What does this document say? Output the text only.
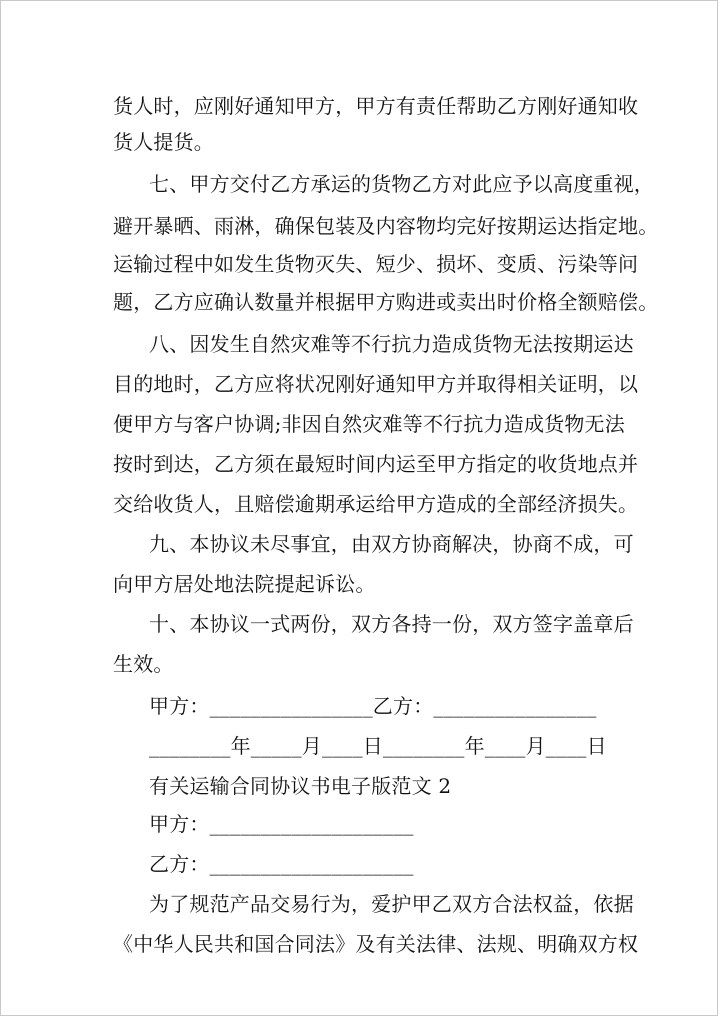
货人时，应刚好通知甲方，甲方有责任帮助乙方刚好通知收
货人提货。
七、甲方交付乙方承运的货物乙方对此应予以高度重视，
避开暴晒、雨淋，确保包装及内容物均完好按期运达指定地。
运输过程中如发生货物灭失、短少、损坏、变质、污染等问
题，乙方应确认数量并根据甲方购进或卖出时价格全额赔偿。
八、因发生自然灾难等不行抗力造成货物无法按期运达
目的地时，乙方应将状况刚好通知甲方并取得相关证明，以
便甲方与客户协调;非因自然灾难等不行抗力造成货物无法
按时到达，乙方须在最短时间内运至甲方指定的收货地点并
交给收货人，且赔偿逾期承运给甲方造成的全部经济损失。
九、本协议未尽事宜，由双方协商解决，协商不成，可
向甲方居处地法院提起诉讼。
十、本协议一式两份，双方各持一份，双方签字盖章后
生效。
甲方：________________乙方：________________
________年_____月____日________年____月____日
有关运输合同协议书电子版范文 2
甲方：____________________
乙方：____________________
为了规范产品交易行为，爱护甲乙双方合法权益，依据
《中华人民共和国合同法》及有关法律、法规、明确双方权
